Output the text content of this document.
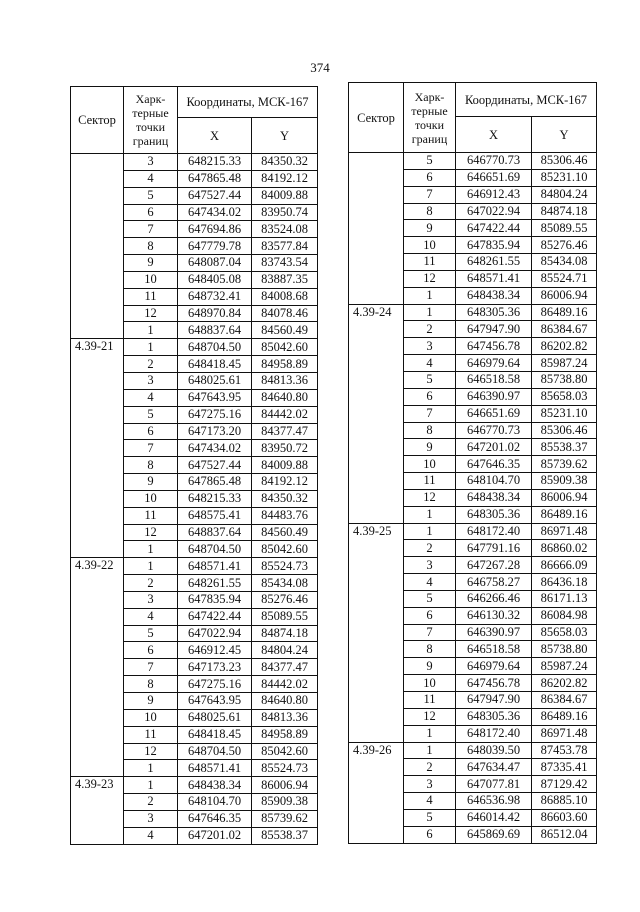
374
Сектор	Харк-терные точки границ	Координаты, МСК-167	
		X	Y
	3	648215.33	84350.32
	4	647865.48	84192.12
	5	647527.44	84009.88
	6	647434.02	83950.74
	7	647694.86	83524.08
	8	647779.78	83577.84
	9	648087.04	83743.54
	10	648405.08	83887.35
	11	648732.41	84008.68
	12	648970.84	84078.46
	1	648837.64	84560.49
4.39-21	1	648704.50	85042.60
	2	648418.45	84958.89
	3	648025.61	84813.36
	4	647643.95	84640.80
	5	647275.16	84442.02
	6	647173.20	84377.47
	7	647434.02	83950.72
	8	647527.44	84009.88
	9	647865.48	84192.12
	10	648215.33	84350.32
	11	648575.41	84483.76
	12	648837.64	84560.49
	1	648704.50	85042.60
4.39-22	1	648571.41	85524.73
	2	648261.55	85434.08
	3	647835.94	85276.46
	4	647422.44	85089.55
	5	647022.94	84874.18
	6	646912.45	84804.24
	7	647173.23	84377.47
	8	647275.16	84442.02
	9	647643.95	84640.80
	10	648025.61	84813.36
	11	648418.45	84958.89
	12	648704.50	85042.60
	1	648571.41	85524.73
4.39-23	1	648438.34	86006.94
	2	648104.70	85909.38
	3	647646.35	85739.62
	4	647201.02	85538.37
Сектор	Харк-терные точки границ	Координаты, МСК-167	
		X	Y
	5	646770.73	85306.46
	6	646651.69	85231.10
	7	646912.43	84804.24
	8	647022.94	84874.18
	9	647422.44	85089.55
	10	647835.94	85276.46
	11	648261.55	85434.08
	12	648571.41	85524.71
	1	648438.34	86006.94
4.39-24	1	648305.36	86489.16
	2	647947.90	86384.67
	3	647456.78	86202.82
	4	646979.64	85987.24
	5	646518.58	85738.80
	6	646390.97	85658.03
	7	646651.69	85231.10
	8	646770.73	85306.46
	9	647201.02	85538.37
	10	647646.35	85739.62
	11	648104.70	85909.38
	12	648438.34	86006.94
	1	648305.36	86489.16
4.39-25	1	648172.40	86971.48
	2	647791.16	86860.02
	3	647267.28	86666.09
	4	646758.27	86436.18
	5	646266.46	86171.13
	6	646130.32	86084.98
	7	646390.97	85658.03
	8	646518.58	85738.80
	9	646979.64	85987.24
	10	647456.78	86202.82
	11	647947.90	86384.67
	12	648305.36	86489.16
	1	648172.40	86971.48
4.39-26	1	648039.50	87453.78
	2	647634.47	87335.41
	3	647077.81	87129.42
	4	646536.98	86885.10
	5	646014.42	86603.60
	6	645869.69	86512.04
